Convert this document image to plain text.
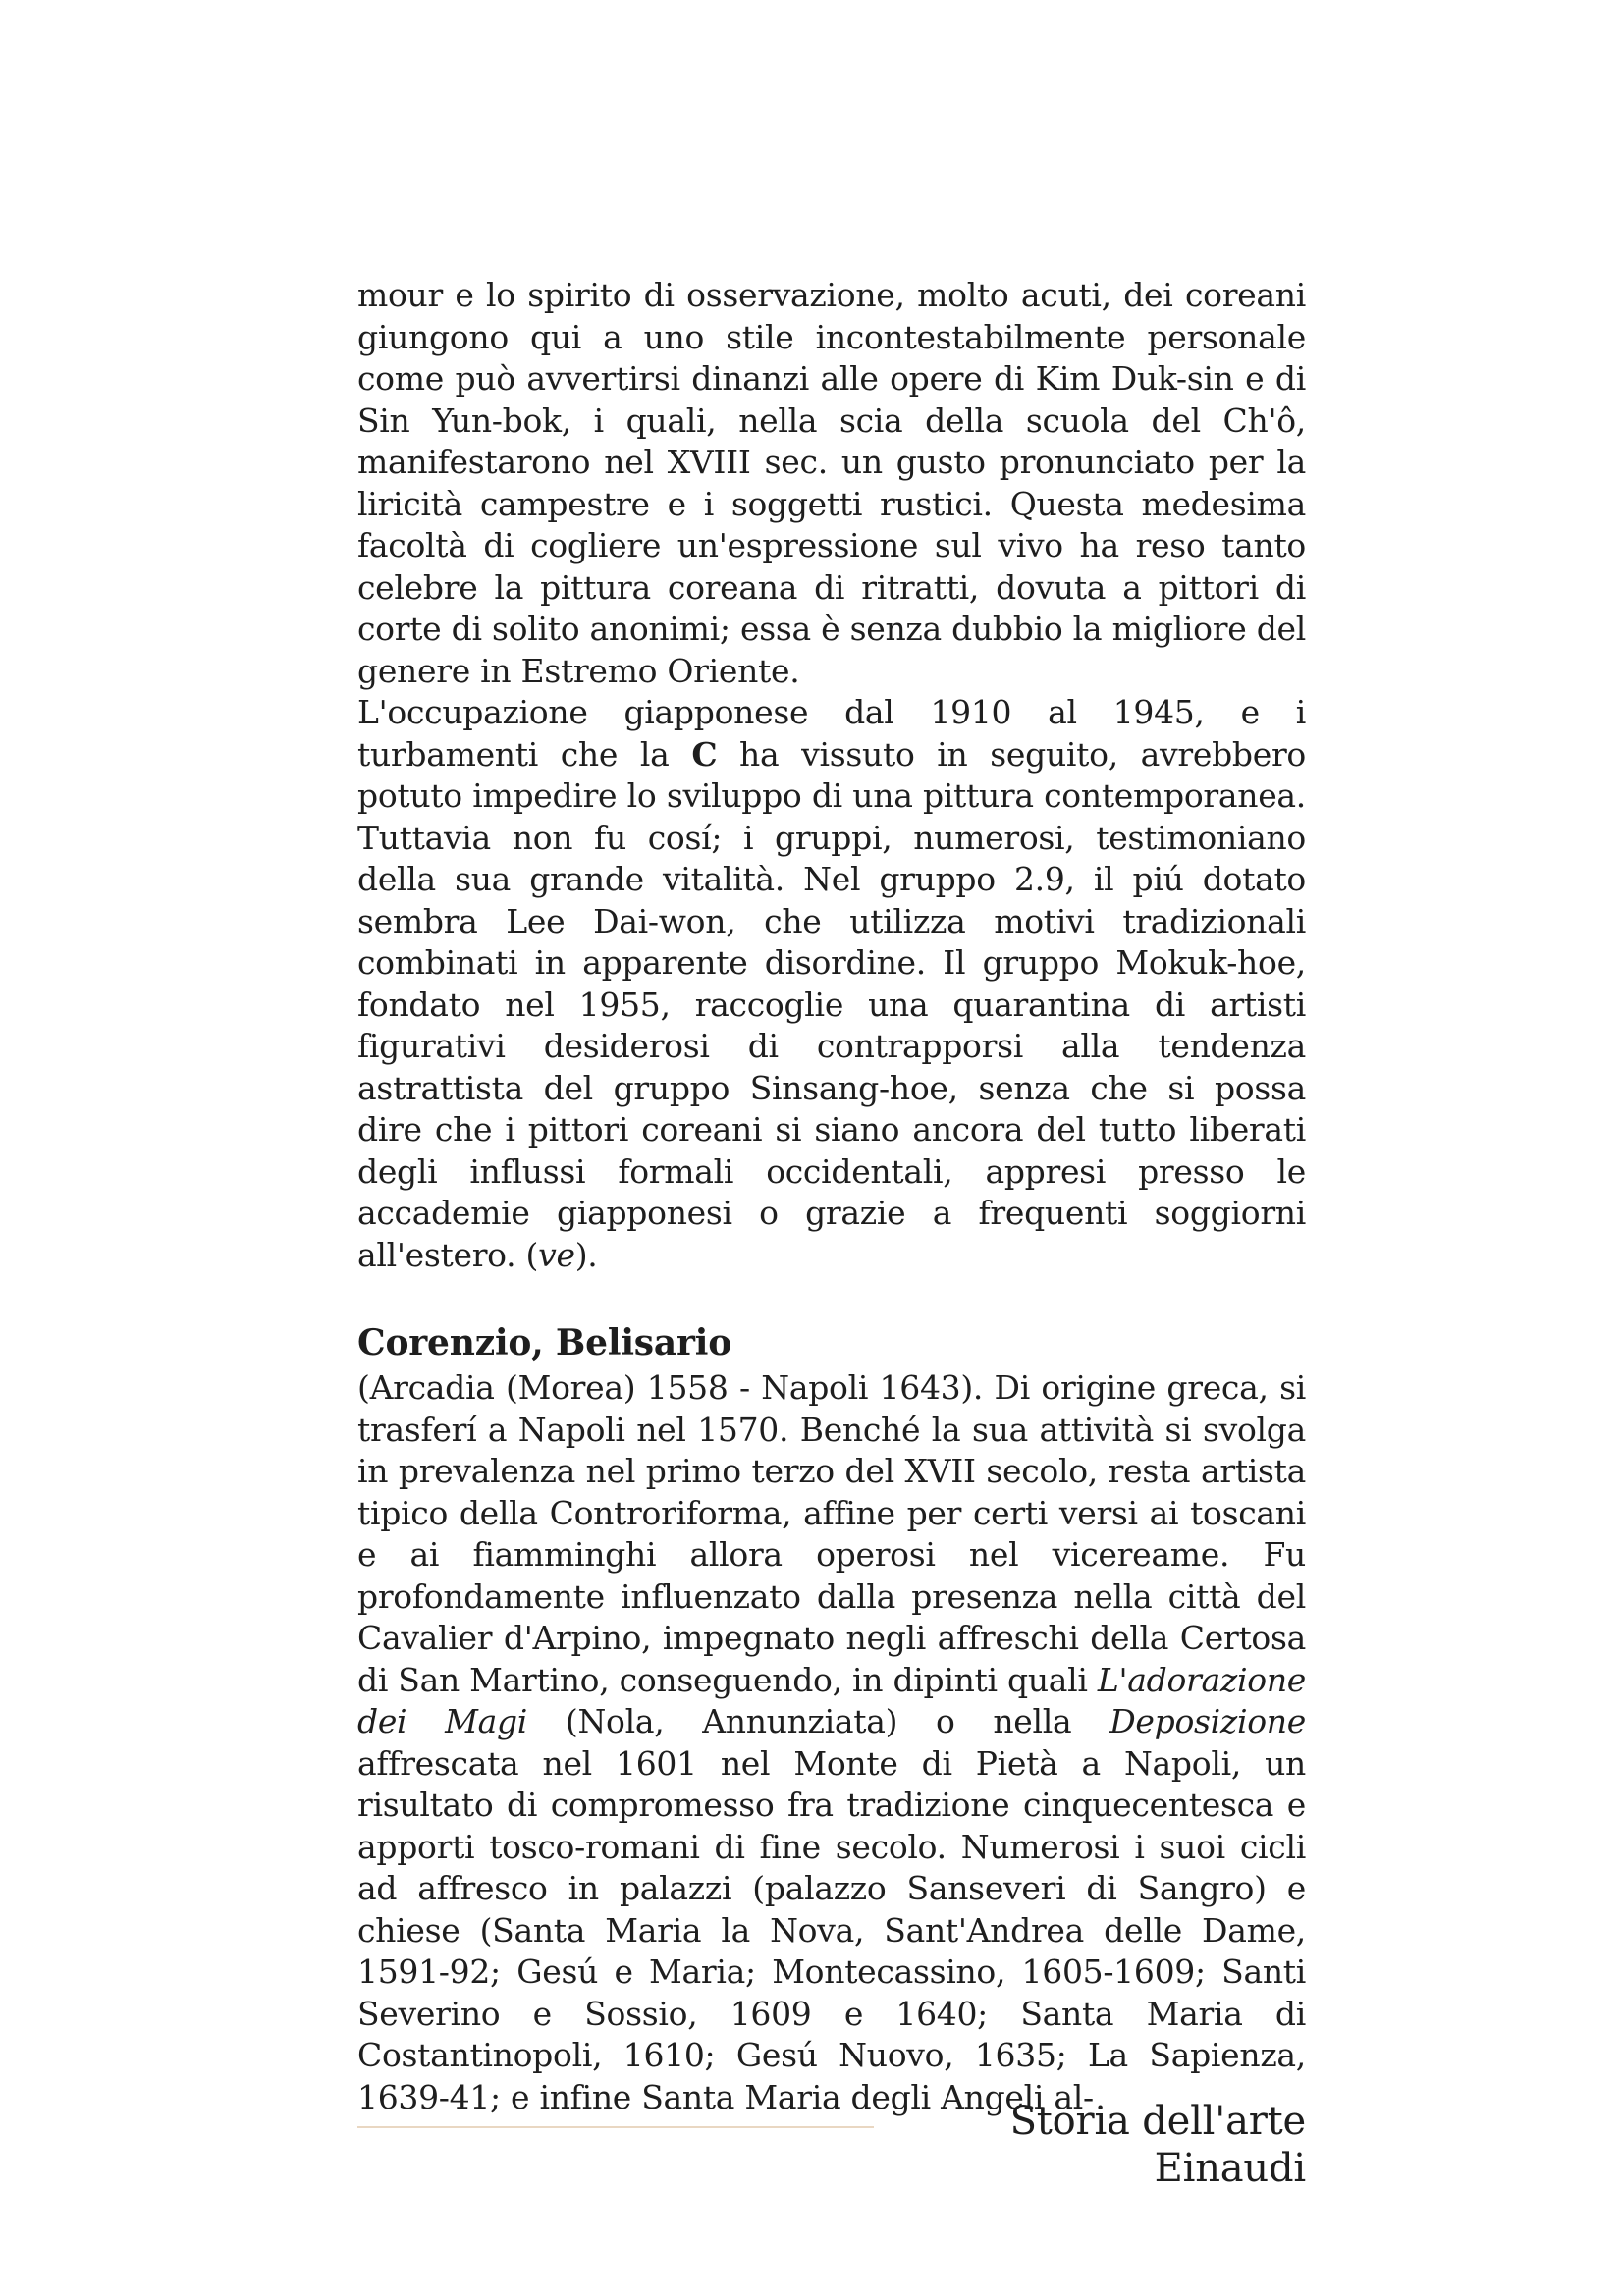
mour e lo spirito di osservazione, molto acuti, dei coreani giungono qui a uno stile incontestabilmente personale come può avvertirsi dinanzi alle opere di Kim Duk-sin e di Sin Yun-bok, i quali, nella scia della scuola del Ch'ô, manifestarono nel XVIII sec. un gusto pronunciato per la liricità campestre e i soggetti rustici. Questa medesima facoltà di cogliere un'espressione sul vivo ha reso tanto celebre la pittura coreana di ritratti, dovuta a pittori di corte di solito anonimi; essa è senza dubbio la migliore del genere in Estremo Oriente.

L'occupazione giapponese dal 1910 al 1945, e i turbamenti che la C ha vissuto in seguito, avrebbero potuto impedire lo sviluppo di una pittura contemporanea. Tuttavia non fu cosí; i gruppi, numerosi, testimoniano della sua grande vitalità. Nel gruppo 2.9, il piú dotato sembra Lee Dai-won, che utilizza motivi tradizionali combinati in apparente disordine. Il gruppo Mokuk-hoe, fondato nel 1955, raccoglie una quarantina di artisti figurativi desiderosi di contrapporsi alla tendenza astrattista del gruppo Sinsang-hoe, senza che si possa dire che i pittori coreani si siano ancora del tutto liberati degli influssi formali occidentali, appresi presso le accademie giapponesi o grazie a frequenti soggiorni all'estero. (ve).

Corenzio, Belisario

(Arcadia (Morea) 1558 - Napoli 1643). Di origine greca, si trasferí a Napoli nel 1570. Benché la sua attività si svolga in prevalenza nel primo terzo del XVII secolo, resta artista tipico della Controriforma, affine per certi versi ai toscani e ai fiamminghi allora operosi nel vicereame. Fu profondamente influenzato dalla presenza nella città del Cavalier d'Arpino, impegnato negli affreschi della Certosa di San Martino, conseguendo, in dipinti quali L'adorazione dei Magi (Nola, Annunziata) o nella Deposizione affrescata nel 1601 nel Monte di Pietà a Napoli, un risultato di compromesso fra tradizione cinquecentesca e apporti tosco-romani di fine secolo. Numerosi i suoi cicli ad affresco in palazzi (palazzo Sanseveri di Sangro) e chiese (Santa Maria la Nova, Sant'Andrea delle Dame, 1591-92; Gesú e Maria; Montecassino, 1605-1609; Santi Severino e Sossio, 1609 e 1640; Santa Maria di Costantinopoli, 1610; Gesú Nuovo, 1635; La Sapienza, 1639-41; e infine Santa Maria degli Angeli al-

Storia dell'arte Einaudi
